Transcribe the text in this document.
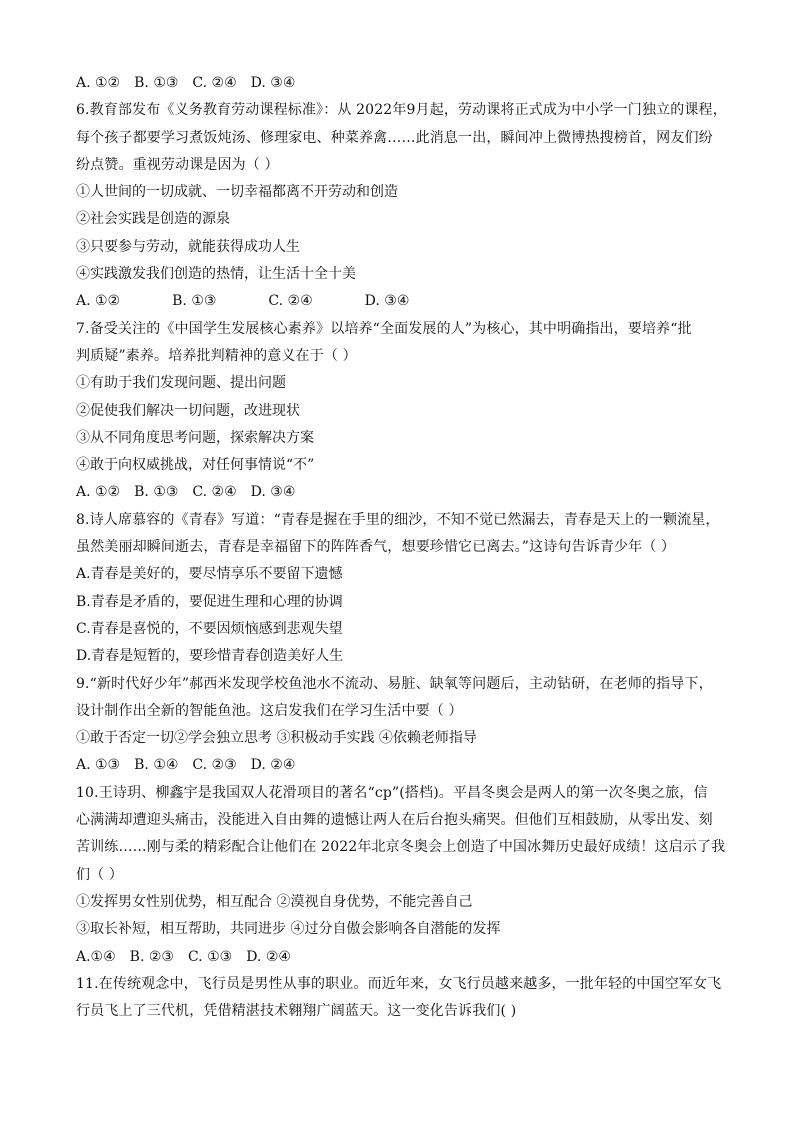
A. ①② B. ①③ C. ②④ D. ③④
6.教育部发布《义务教育劳动课程标准》：从 2022年9月起，劳动课将正式成为中小学一门独立的课程，
每个孩子都要学习煮饭炖汤、修理家电、种菜养禽……此消息一出，瞬间冲上微博热搜榜首，网友们纷
纷点赞。重视劳动课是因为（ ）
①人世间的一切成就、一切幸福都离不开劳动和创造
②社会实践是创造的源泉
③只要参与劳动，就能获得成功人生
④实践激发我们创造的热情，让生活十全十美
A. ①②	B. ①③	C. ②④	D. ③④
7.备受关注的《中国学生发展核心素养》以培养“全面发展的人”为核心，其中明确指出，要培养“批
判质疑”素养。培养批判精神的意义在于（ ）
①有助于我们发现问题、提出问题
②促使我们解决一切问题，改进现状
③从不同角度思考问题，探索解决方案
④敢于向权威挑战，对任何事情说“不”
A. ①② B. ①③ C. ②④ D. ③④
8.诗人席慕容的《青春》写道：“青春是握在手里的细沙，不知不觉已然漏去，青春是天上的一颗流星，
虽然美丽却瞬间逝去，青春是幸福留下的阵阵香气，想要珍惜它已离去。”这诗句告诉青少年（ ）
A.青春是美好的，要尽情享乐不要留下遗憾
B.青春是矛盾的，要促进生理和心理的协调
C.青春是喜悦的，不要因烦恼感到悲观失望
D.青春是短暂的，要珍惜青春创造美好人生
9.“新时代好少年”郝西米发现学校鱼池水不流动、易脏、缺氧等问题后，主动钻研，在老师的指导下，
设计制作出全新的智能鱼池。这启发我们在学习生活中要（ ）
①敢于否定一切②学会独立思考 ③积极动手实践 ④依赖老师指导
A. ①③ B. ①④ C. ②③ D. ②④
10.王诗玥、柳鑫宇是我国双人花滑项目的著名“cp”(搭档)。平昌冬奥会是两人的第一次冬奥之旅，信
心满满却遭迎头痛击，没能进入自由舞的遗憾让两人在后台抱头痛哭。但他们互相鼓励，从零出发、刻
苦训练……刚与柔的精彩配合让他们在 2022年北京冬奥会上创造了中国冰舞历史最好成绩！这启示了我
们（ ）
①发挥男女性别优势，相互配合 ②漠视自身优势，不能完善自己
③取长补短，相互帮助，共同进步 ④过分自傲会影响各自潜能的发挥
A.①④ B. ②③ C. ①③ D. ②④
11.在传统观念中，飞行员是男性从事的职业。而近年来，女飞行员越来越多，一批年轻的中国空军女飞
行员飞上了三代机，凭借精湛技术翱翔广阔蓝天。这一变化告诉我们( )
